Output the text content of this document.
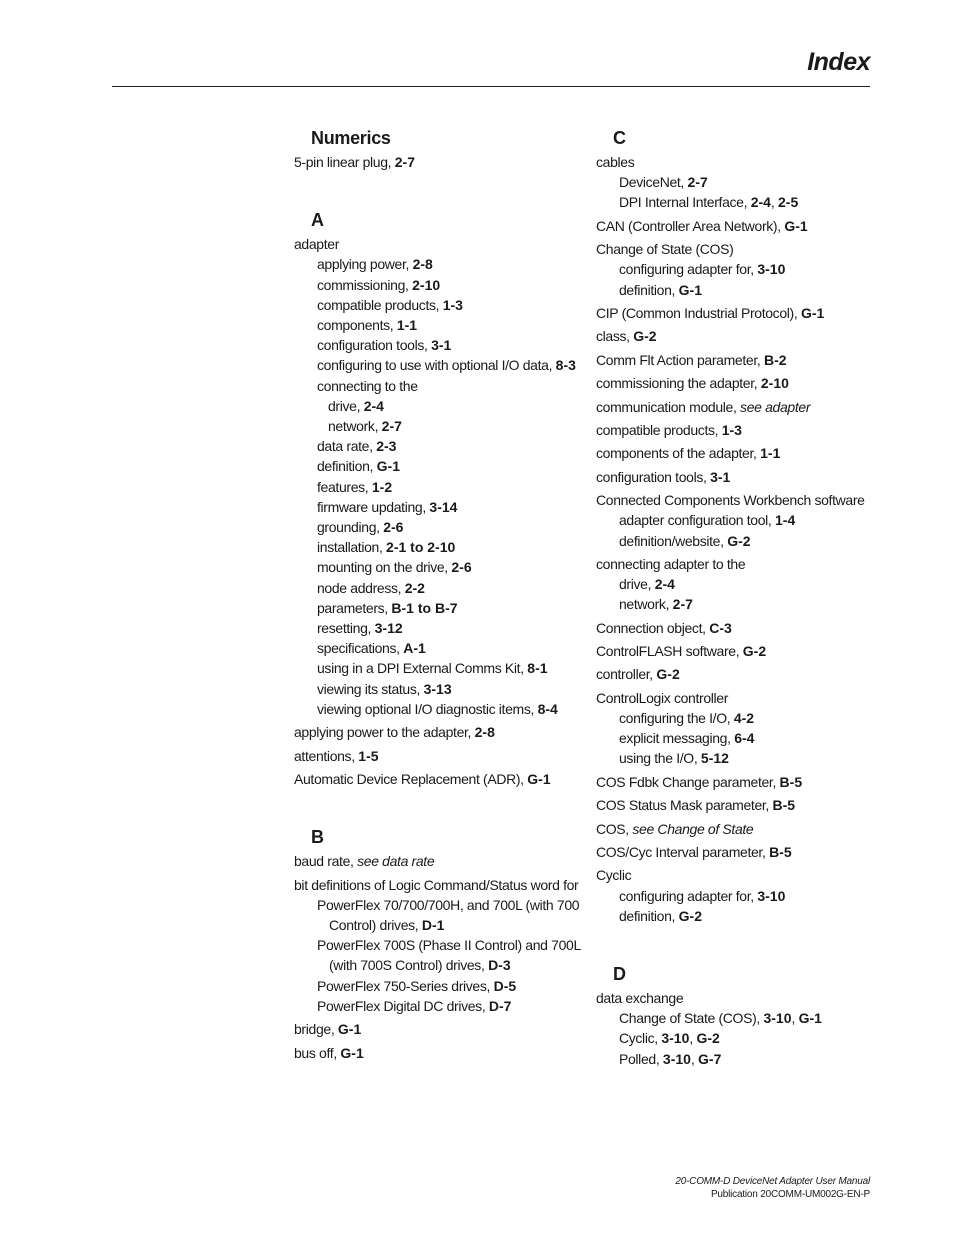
Index
Numerics
5-pin linear plug, 2-7
A
adapter
applying power, 2-8
commissioning, 2-10
compatible products, 1-3
components, 1-1
configuration tools, 3-1
configuring to use with optional I/O data, 8-3
connecting to the
drive, 2-4
network, 2-7
data rate, 2-3
definition, G-1
features, 1-2
firmware updating, 3-14
grounding, 2-6
installation, 2-1 to 2-10
mounting on the drive, 2-6
node address, 2-2
parameters, B-1 to B-7
resetting, 3-12
specifications, A-1
using in a DPI External Comms Kit, 8-1
viewing its status, 3-13
viewing optional I/O diagnostic items, 8-4
applying power to the adapter, 2-8
attentions, 1-5
Automatic Device Replacement (ADR), G-1
B
baud rate, see data rate
bit definitions of Logic Command/Status word for
PowerFlex 70/700/700H, and 700L (with 700 Control) drives, D-1
PowerFlex 700S (Phase II Control) and 700L (with 700S Control) drives, D-3
PowerFlex 750-Series drives, D-5
PowerFlex Digital DC drives, D-7
bridge, G-1
bus off, G-1
C
cables
DeviceNet, 2-7
DPI Internal Interface, 2-4, 2-5
CAN (Controller Area Network), G-1
Change of State (COS)
configuring adapter for, 3-10
definition, G-1
CIP (Common Industrial Protocol), G-1
class, G-2
Comm Flt Action parameter, B-2
commissioning the adapter, 2-10
communication module, see adapter
compatible products, 1-3
components of the adapter, 1-1
configuration tools, 3-1
Connected Components Workbench software
adapter configuration tool, 1-4
definition/website, G-2
connecting adapter to the
drive, 2-4
network, 2-7
Connection object, C-3
ControlFLASH software, G-2
controller, G-2
ControlLogix controller
configuring the I/O, 4-2
explicit messaging, 6-4
using the I/O, 5-12
COS Fdbk Change parameter, B-5
COS Status Mask parameter, B-5
COS, see Change of State
COS/Cyc Interval parameter, B-5
Cyclic
configuring adapter for, 3-10
definition, G-2
D
data exchange
Change of State (COS), 3-10, G-1
Cyclic, 3-10, G-2
Polled, 3-10, G-7
20-COMM-D DeviceNet Adapter User Manual
Publication 20COMM-UM002G-EN-P
